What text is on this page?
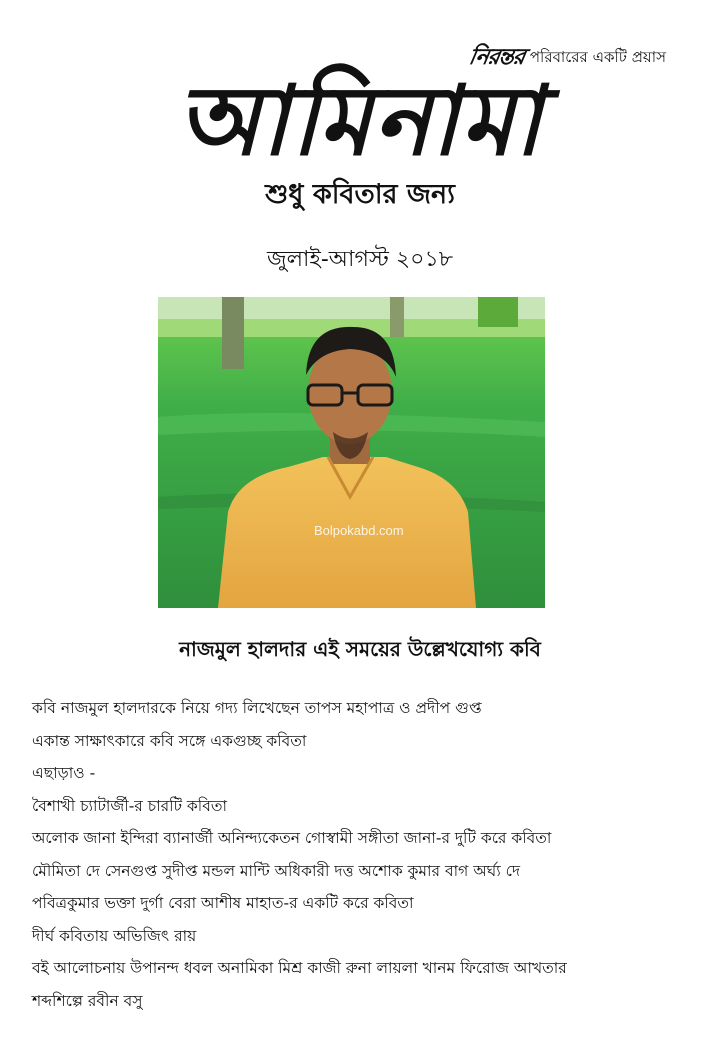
নিরন্তর পরিবারের একটি প্রয়াস
আমিনামা
শুধু কবিতার জন্য
জুলাই-আগস্ট ২০১৮
Bolpokabd.com
নাজমুল হালদার এই সময়ের উল্লেখযোগ্য কবি
কবি নাজমুল হালদারকে নিয়ে গদ্য লিখেছেন তাপস মহাপাত্র ও প্রদীপ গুপ্ত
একান্ত সাক্ষাৎকারে কবি সঙ্গে একগুচ্ছ কবিতা
এছাড়াও -
বৈশাখী চ্যাটার্জী-র চারটি কবিতা
অলোক জানা ইন্দিরা ব্যানার্জী অনিন্দ্যকেতন গোস্বামী সঙ্গীতা জানা-র দুটি করে কবিতা
মৌমিতা দে সেনগুপ্ত সুদীপ্ত মন্ডল মান্টি অধিকারী দত্ত অশোক কুমার বাগ অর্ঘ্য দে
পবিত্রকুমার ভক্তা দুর্গা বেরা আশীষ মাহাত-র একটি করে কবিতা
দীর্ঘ কবিতায় অভিজিৎ রায়
বই আলোচনায় উপানন্দ ধবল অনামিকা মিশ্র কাজী রুনা লায়লা খানম ফিরোজ আখতার
শব্দশিল্পে রবীন বসু
